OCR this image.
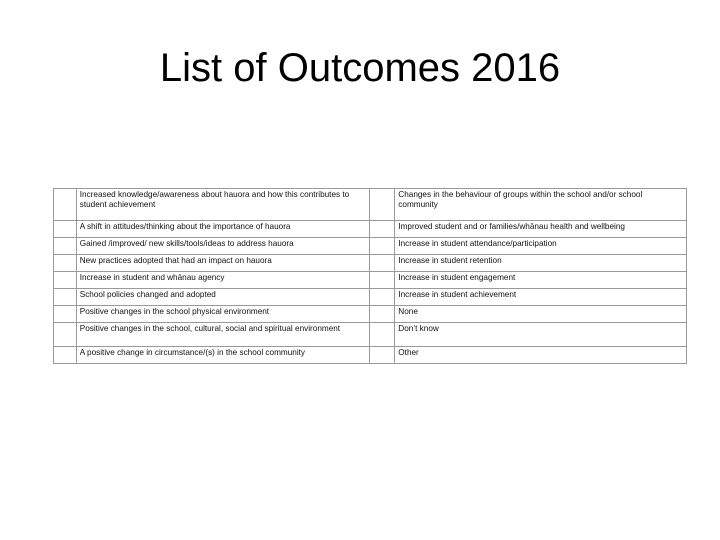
List of Outcomes 2016
	Increased knowledge/awareness about hauora and how this contributes to student achievement		Changes in the behaviour of groups within the school and/or school community
	A shift in attitudes/thinking about the importance of hauora		Improved student and or families/whānau health and wellbeing
	Gained /improved/ new skills/tools/ideas to address hauora		Increase in student attendance/participation
	New practices adopted that had an impact on hauora		Increase in student retention
	Increase in student and whānau agency		Increase in student engagement
	School policies changed and adopted		Increase in student achievement
	Positive changes in the school physical environment		None
	Positive changes in the school, cultural, social and spiritual environment		Don’t know
	A positive change in circumstance/(s) in the school community		Other
